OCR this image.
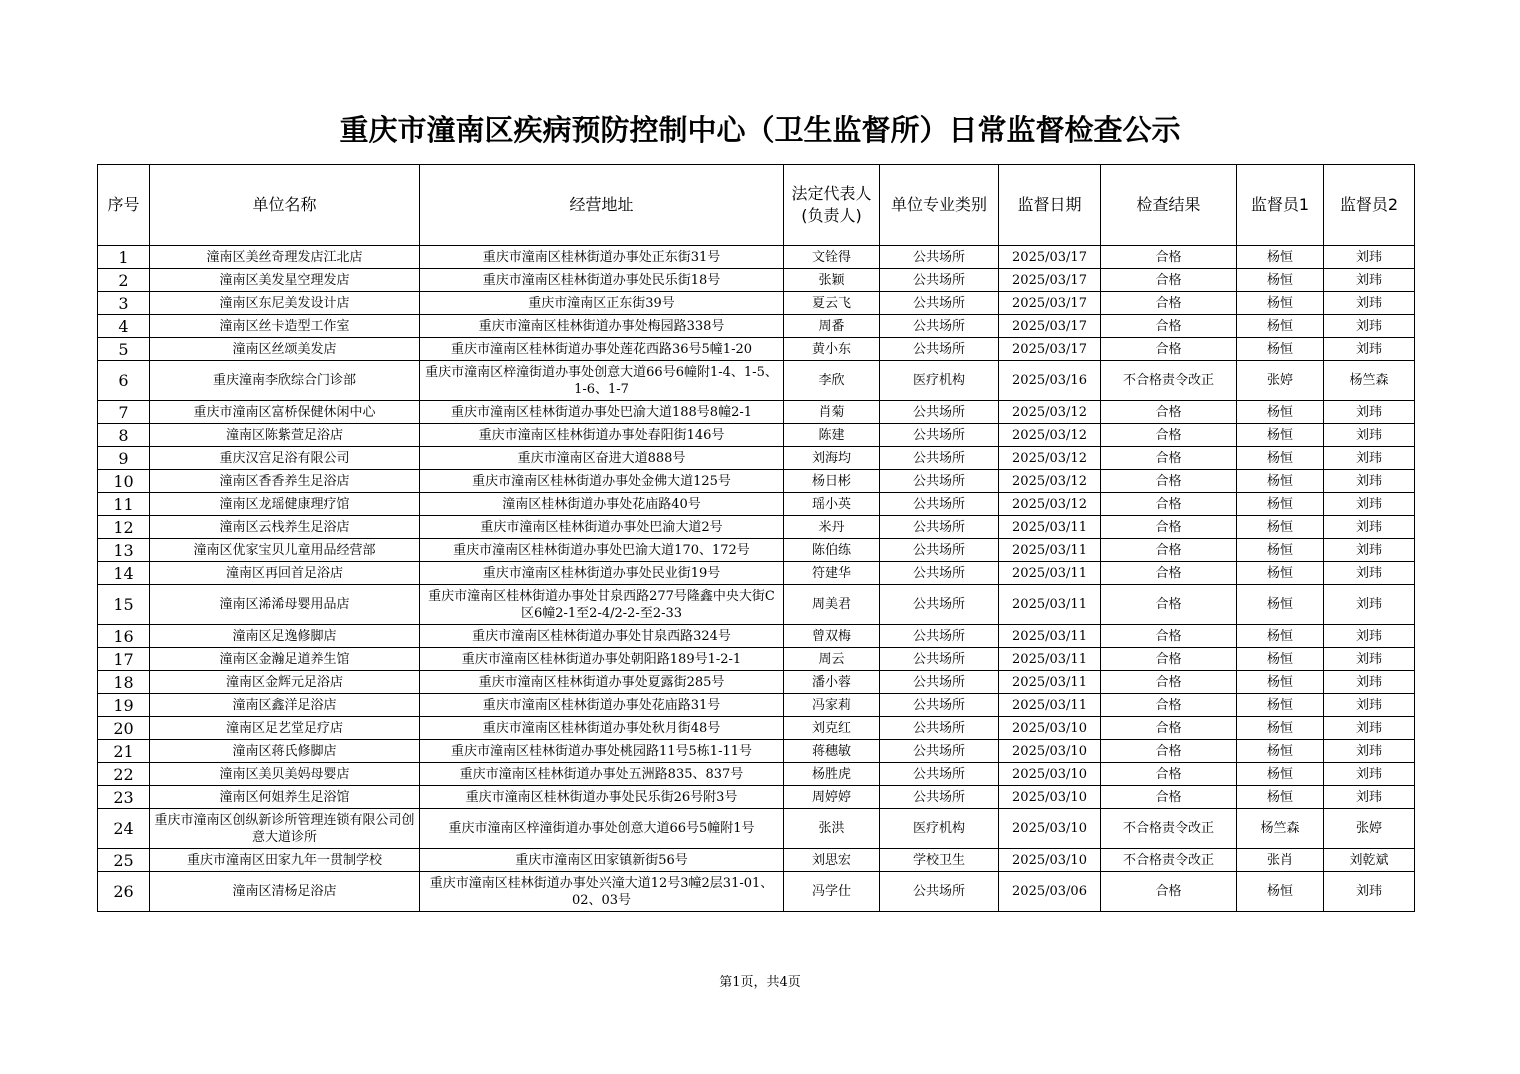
重庆市潼南区疾病预防控制中心（卫生监督所）日常监督检查公示
序号	单位名称	经营地址	法定代表人(负责人)	单位专业类别	监督日期	检查结果	监督员1	监督员2
1	潼南区美丝奇理发店江北店	重庆市潼南区桂林街道办事处正东街31号	文铨得	公共场所	2025/03/17	合格	杨恒	刘玮
2	潼南区美发星空理发店	重庆市潼南区桂林街道办事处民乐街18号	张颖	公共场所	2025/03/17	合格	杨恒	刘玮
3	潼南区东尼美发设计店	重庆市潼南区正东街39号	夏云飞	公共场所	2025/03/17	合格	杨恒	刘玮
4	潼南区丝卡造型工作室	重庆市潼南区桂林街道办事处梅园路338号	周番	公共场所	2025/03/17	合格	杨恒	刘玮
5	潼南区丝颂美发店	重庆市潼南区桂林街道办事处莲花西路36号5幢1-20	黄小东	公共场所	2025/03/17	合格	杨恒	刘玮
6	重庆潼南李欣综合门诊部	重庆市潼南区梓潼街道办事处创意大道66号6幢附1-4、1-5、1-6、1-7	李欣	医疗机构	2025/03/16	不合格责令改正	张婷	杨竺森
7	重庆市潼南区富桥保健休闲中心	重庆市潼南区桂林街道办事处巴渝大道188号8幢2-1	肖菊	公共场所	2025/03/12	合格	杨恒	刘玮
8	潼南区陈紫萱足浴店	重庆市潼南区桂林街道办事处春阳街146号	陈建	公共场所	2025/03/12	合格	杨恒	刘玮
9	重庆汉宫足浴有限公司	重庆市潼南区奋进大道888号	刘海均	公共场所	2025/03/12	合格	杨恒	刘玮
10	潼南区香香养生足浴店	重庆市潼南区桂林街道办事处金佛大道125号	杨日彬	公共场所	2025/03/12	合格	杨恒	刘玮
11	潼南区龙瑶健康理疗馆	潼南区桂林街道办事处花庙路40号	瑶小英	公共场所	2025/03/12	合格	杨恒	刘玮
12	潼南区云栈养生足浴店	重庆市潼南区桂林街道办事处巴渝大道2号	米丹	公共场所	2025/03/11	合格	杨恒	刘玮
13	潼南区优家宝贝儿童用品经营部	重庆市潼南区桂林街道办事处巴渝大道170、172号	陈伯练	公共场所	2025/03/11	合格	杨恒	刘玮
14	潼南区再回首足浴店	重庆市潼南区桂林街道办事处民业街19号	符建华	公共场所	2025/03/11	合格	杨恒	刘玮
15	潼南区浠浠母婴用品店	重庆市潼南区桂林街道办事处甘泉西路277号隆鑫中央大街C区6幢2-1至2-4/2-2-至2-33	周美君	公共场所	2025/03/11	合格	杨恒	刘玮
16	潼南区足逸修脚店	重庆市潼南区桂林街道办事处甘泉西路324号	曾双梅	公共场所	2025/03/11	合格	杨恒	刘玮
17	潼南区金瀚足道养生馆	重庆市潼南区桂林街道办事处朝阳路189号1-2-1	周云	公共场所	2025/03/11	合格	杨恒	刘玮
18	潼南区金辉元足浴店	重庆市潼南区桂林街道办事处夏露街285号	潘小蓉	公共场所	2025/03/11	合格	杨恒	刘玮
19	潼南区鑫洋足浴店	重庆市潼南区桂林街道办事处花庙路31号	冯家莉	公共场所	2025/03/11	合格	杨恒	刘玮
20	潼南区足艺堂足疗店	重庆市潼南区桂林街道办事处秋月街48号	刘克红	公共场所	2025/03/10	合格	杨恒	刘玮
21	潼南区蒋氏修脚店	重庆市潼南区桂林街道办事处桃园路11号5栋1-11号	蒋穗敏	公共场所	2025/03/10	合格	杨恒	刘玮
22	潼南区美贝美妈母婴店	重庆市潼南区桂林街道办事处五洲路835、837号	杨胜虎	公共场所	2025/03/10	合格	杨恒	刘玮
23	潼南区何姐养生足浴馆	重庆市潼南区桂林街道办事处民乐街26号附3号	周婷婷	公共场所	2025/03/10	合格	杨恒	刘玮
24	重庆市潼南区创纵新诊所管理连锁有限公司创意大道诊所	重庆市潼南区梓潼街道办事处创意大道66号5幢附1号	张洪	医疗机构	2025/03/10	不合格责令改正	杨竺森	张婷
25	重庆市潼南区田家九年一贯制学校	重庆市潼南区田家镇新街56号	刘思宏	学校卫生	2025/03/10	不合格责令改正	张肖	刘乾斌
26	潼南区清杨足浴店	重庆市潼南区桂林街道办事处兴潼大道12号3幢2层31-01、02、03号	冯学仕	公共场所	2025/03/06	合格	杨恒	刘玮
第1页，共4页
